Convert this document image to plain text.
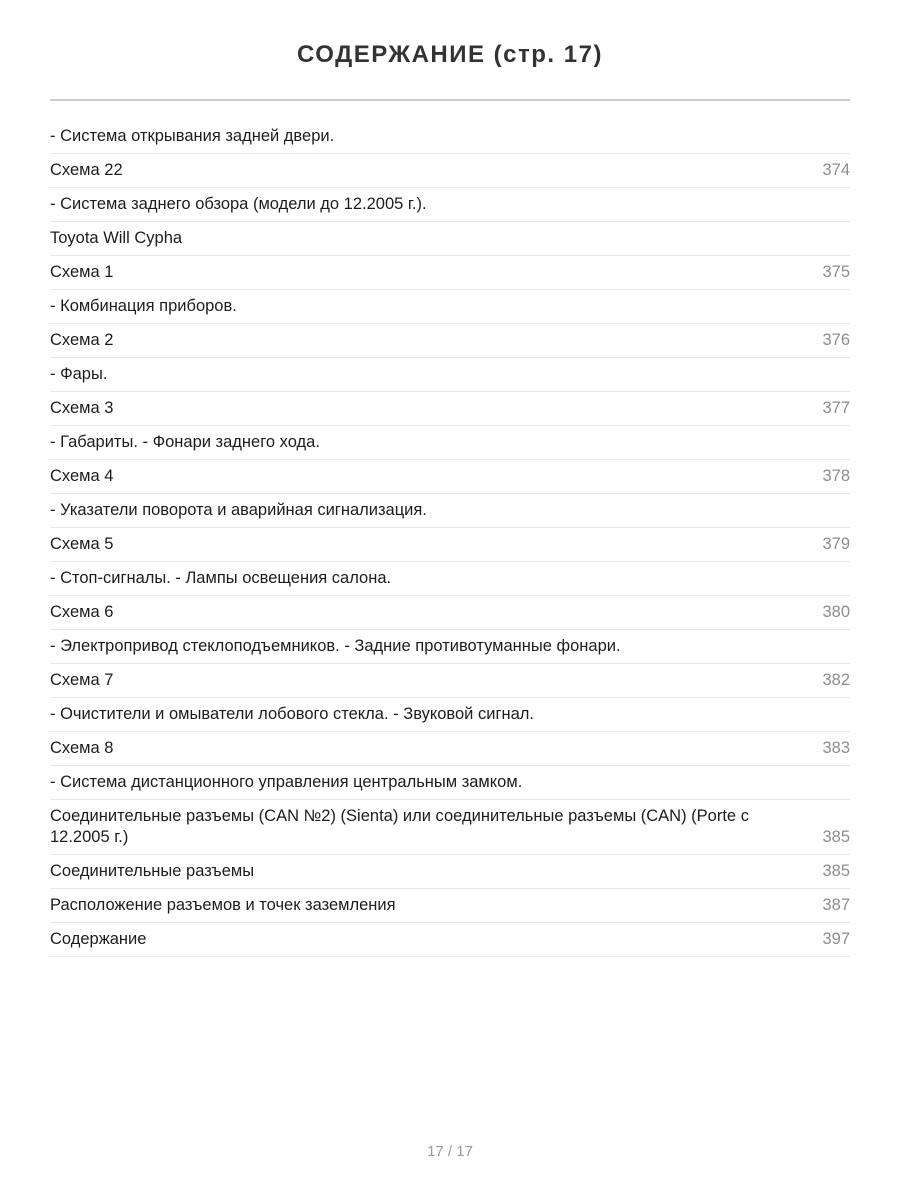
СОДЕРЖАНИЕ (стр. 17)
- Система открывания задней двери.
Схема 22	374
- Система заднего обзора (модели до 12.2005 г.).
Toyota Will Cypha
Схема 1	375
- Комбинация приборов.
Схема 2	376
- Фары.
Схема 3	377
- Габариты. - Фонари заднего хода.
Схема 4	378
- Указатели поворота и аварийная сигнализация.
Схема 5	379
- Стоп-сигналы. - Лампы освещения салона.
Схема 6	380
- Электропривод стеклоподъемников. - Задние противотуманные фонари.
Схема 7	382
- Очистители и омыватели лобового стекла. - Звуковой сигнал.
Схема 8	383
- Система дистанционного управления центральным замком.
Соединительные разъемы (CAN №2) (Sienta) или соединительные разъемы (CAN) (Porte с 12.2005 г.)	385
Соединительные разъемы	385
Расположение разъемов и точек заземления	387
Содержание	397
17 / 17
